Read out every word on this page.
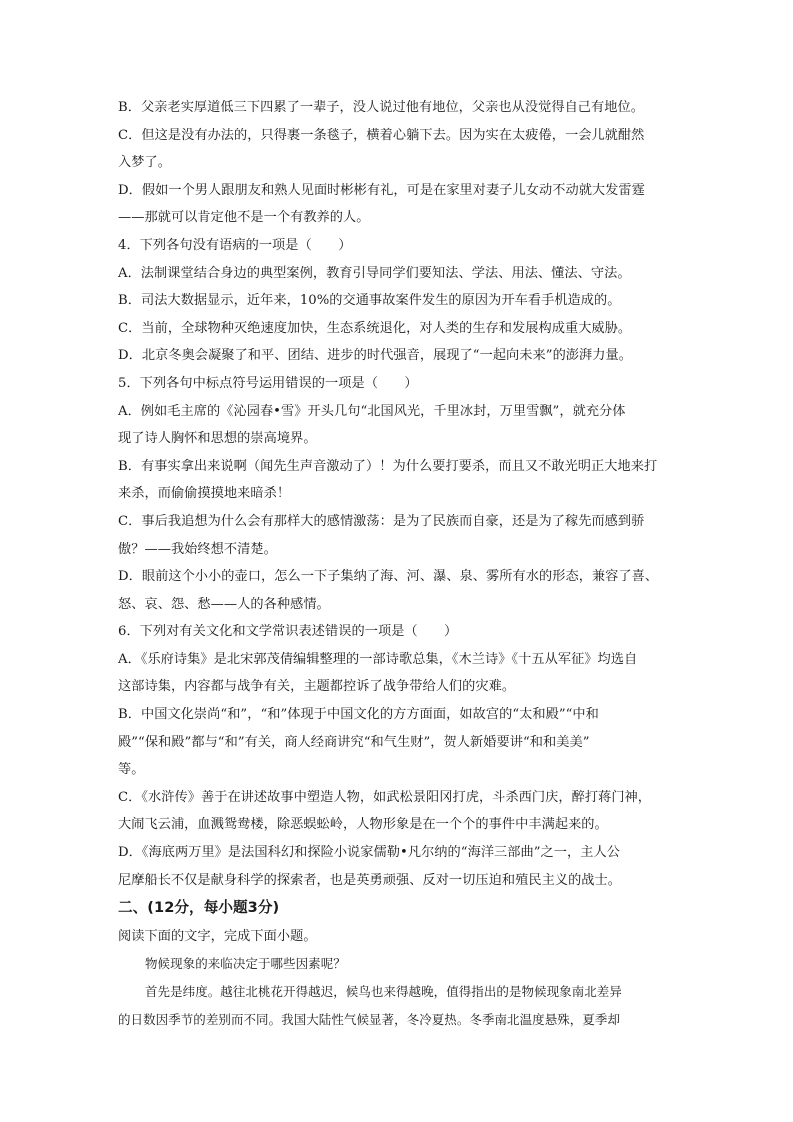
B．父亲老实厚道低三下四累了一辈子，没人说过他有地位，父亲也从没觉得自己有地位。
C．但这是没有办法的，只得裹一条毯子，横着心躺下去。因为实在太疲倦，一会儿就酣然
入梦了。
D．假如一个男人跟朋友和熟人见面时彬彬有礼，可是在家里对妻子儿女动不动就大发雷霆
——那就可以肯定他不是一个有教养的人。
4．下列各句没有语病的一项是（　　）
A．法制课堂结合身边的典型案例，教育引导同学们要知法、学法、用法、懂法、守法。
B．司法大数据显示，近年来，10%的交通事故案件发生的原因为开车看手机造成的。
C．当前，全球物种灭绝速度加快，生态系统退化，对人类的生存和发展构成重大威胁。
D．北京冬奥会凝聚了和平、团结、进步的时代强音，展现了“一起向未来”的澎湃力量。
5．下列各句中标点符号运用错误的一项是（　　）
A．例如毛主席的《沁园春•雪》开头几句“北国风光，千里冰封，万里雪飘”，就充分体
现了诗人胸怀和思想的崇高境界。
B．有事实拿出来说啊（闻先生声音激动了）！为什么要打要杀，而且又不敢光明正大地来打
来杀，而偷偷摸摸地来暗杀！
C．事后我追想为什么会有那样大的感情激荡：是为了民族而自豪，还是为了稼先而感到骄
傲？——我始终想不清楚。
D．眼前这个小小的壶口，怎么一下子集纳了海、河、瀑、泉、雾所有水的形态，兼容了喜、
怒、哀、怨、愁——人的各种感情。
6．下列对有关文化和文学常识表述错误的一项是（　　）
A．《乐府诗集》是北宋郭茂倩编辑整理的一部诗歌总集，《木兰诗》《十五从军征》均选自
这部诗集，内容都与战争有关，主题都控诉了战争带给人们的灾难。
B．中国文化崇尚“和”，“和”体现于中国文化的方方面面，如故宫的“太和殿”“中和
殿”“保和殿”都与“和”有关，商人经商讲究“和气生财”，贺人新婚要讲“和和美美”
等。
C．《水浒传》善于在讲述故事中塑造人物，如武松景阳冈打虎，斗杀西门庆，醉打蒋门神，
大闹飞云浦，血溅鸳鸯楼，除恶蜈蚣岭，人物形象是在一个个的事件中丰满起来的。
D．《海底两万里》是法国科幻和探险小说家儒勒•凡尔纳的“海洋三部曲”之一，主人公
尼摩船长不仅是献身科学的探索者，也是英勇顽强、反对一切压迫和殖民主义的战士。
二、(12分，每小题3分)
阅读下面的文字，完成下面小题。
物候现象的来临决定于哪些因素呢？
首先是纬度。越往北桃花开得越迟，候鸟也来得越晚，值得指出的是物候现象南北差异
的日数因季节的差别而不同。我国大陆性气候显著，冬冷夏热。冬季南北温度悬殊，夏季却
